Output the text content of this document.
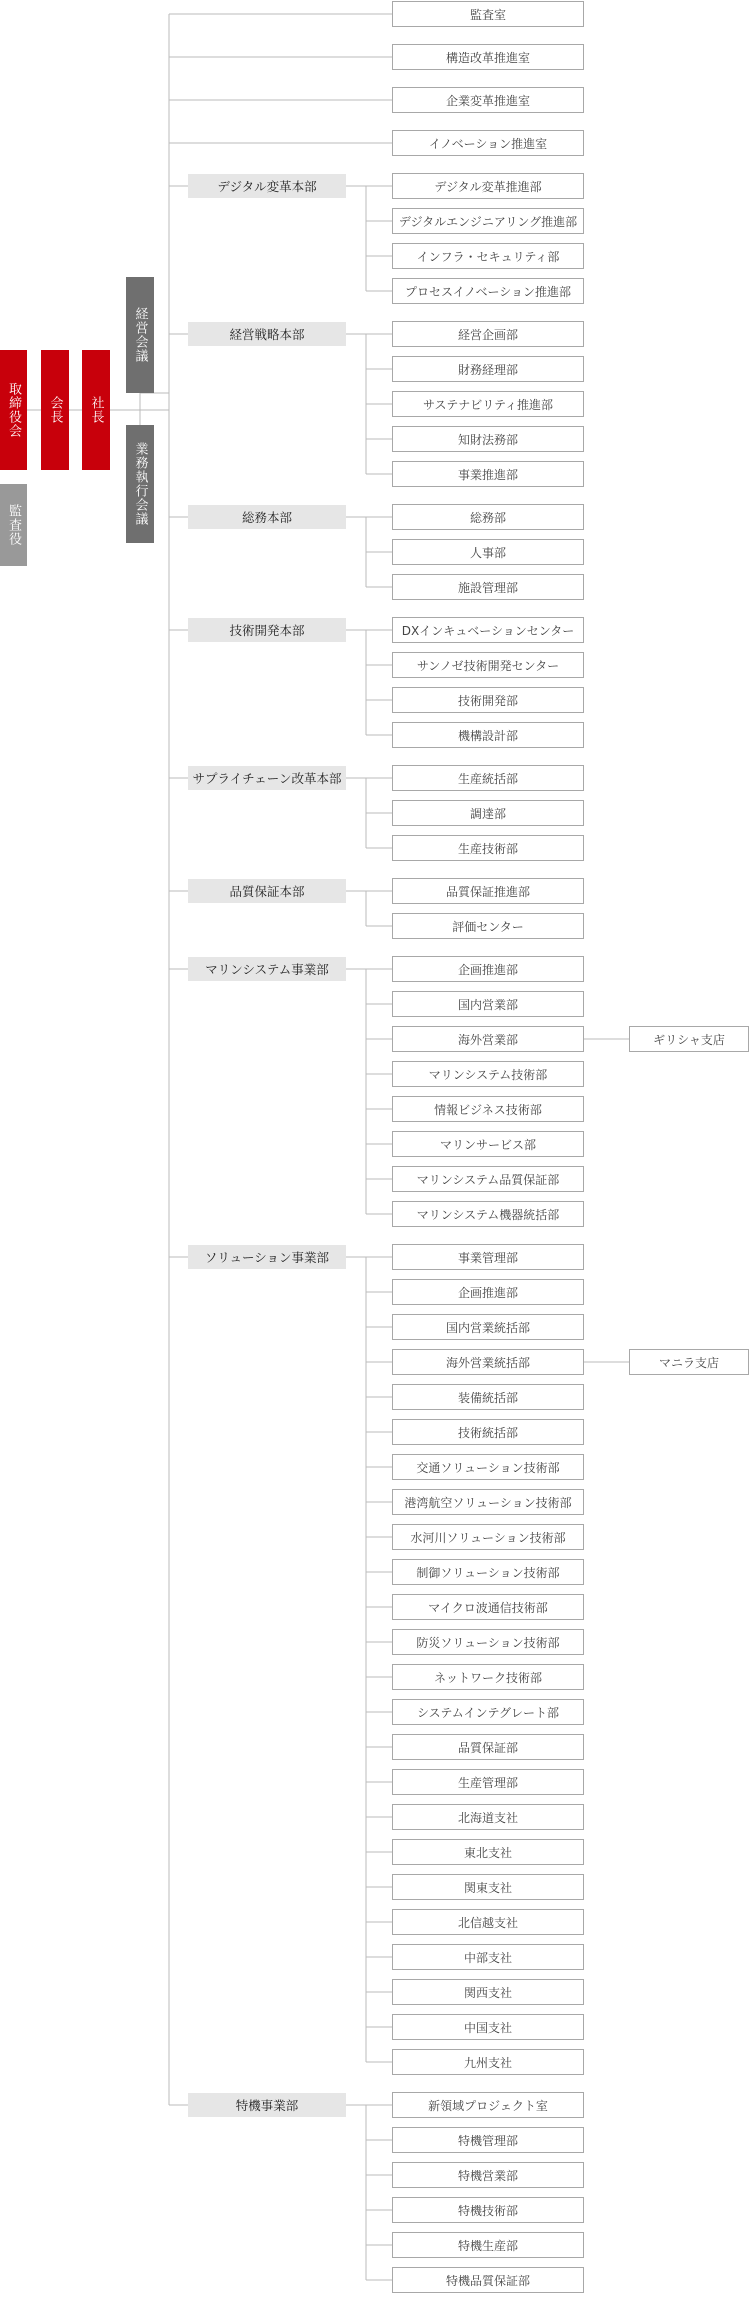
取締役会	会長	社長
監査役
経営会議
業務執行会議
監査室
構造改革推進室
企業変革推進室
イノベーション推進室
デジタル変革本部	デジタル変革推進部
デジタルエンジニアリング推進部
インフラ・セキュリティ部
プロセスイノベーション推進部
経営戦略本部	経営企画部
財務経理部
サステナビリティ推進部
知財法務部
事業推進部
総務本部	総務部
人事部
施設管理部
技術開発本部	DXインキュベーションセンター
サンノゼ技術開発センター
技術開発部
機構設計部
サプライチェーン改革本部	生産統括部
調達部
生産技術部
品質保証本部	品質保証推進部
評価センター
マリンシステム事業部	企画推進部
国内営業部
海外営業部	ギリシャ支店
マリンシステム技術部
情報ビジネス技術部
マリンサービス部
マリンシステム品質保証部
マリンシステム機器統括部
ソリューション事業部	事業管理部
企画推進部
国内営業統括部
海外営業統括部	マニラ支店
装備統括部
技術統括部
交通ソリューション技術部
港湾航空ソリューション技術部
水河川ソリューション技術部
制御ソリューション技術部
マイクロ波通信技術部
防災ソリューション技術部
ネットワーク技術部
システムインテグレート部
品質保証部
生産管理部
北海道支社
東北支社
関東支社
北信越支社
中部支社
関西支社
中国支社
九州支社
特機事業部	新領域プロジェクト室
特機管理部
特機営業部
特機技術部
特機生産部
特機品質保証部
